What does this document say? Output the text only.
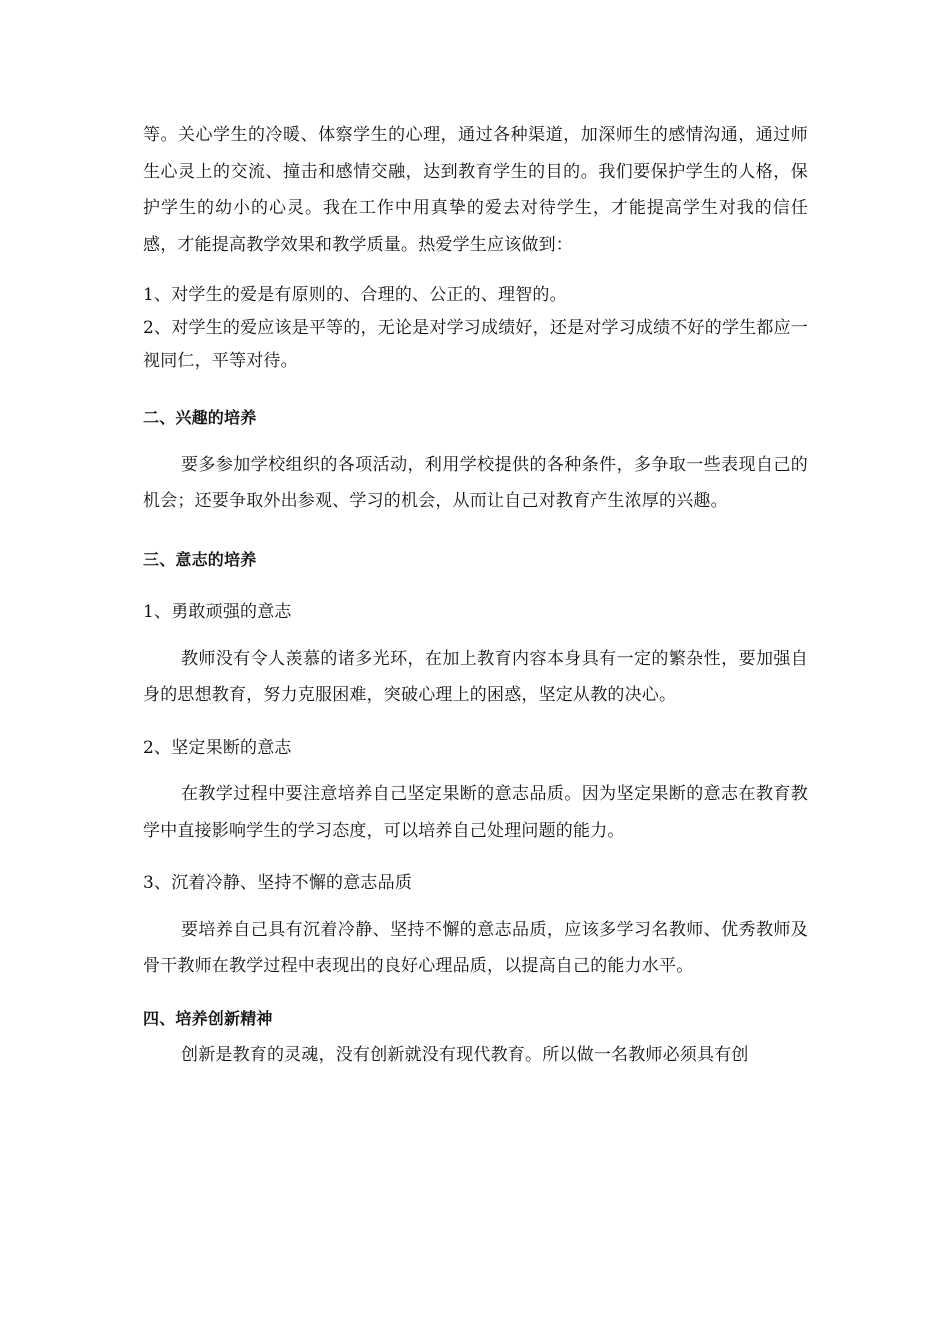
等。关心学生的冷暖、体察学生的心理，通过各种渠道，加深师生的感情沟通，通过师生心灵上的交流、撞击和感情交融，达到教育学生的目的。我们要保护学生的人格，保护学生的幼小的心灵。我在工作中用真挚的爱去对待学生，才能提高学生对我的信任感，才能提高教学效果和教学质量。热爱学生应该做到：

1、对学生的爱是有原则的、合理的、公正的、理智的。

2、对学生的爱应该是平等的，无论是对学习成绩好，还是对学习成绩不好的学生都应一视同仁，平等对待。

二、兴趣的培养

要多参加学校组织的各项活动，利用学校提供的各种条件，多争取一些表现自己的机会；还要争取外出参观、学习的机会，从而让自己对教育产生浓厚的兴趣。

三、意志的培养

1、勇敢顽强的意志

教师没有令人羡慕的诸多光环，在加上教育内容本身具有一定的繁杂性，要加强自身的思想教育，努力克服困难，突破心理上的困惑，坚定从教的决心。

2、坚定果断的意志

在教学过程中要注意培养自己坚定果断的意志品质。因为坚定果断的意志在教育教学中直接影响学生的学习态度，可以培养自己处理问题的能力。

3、沉着冷静、坚持不懈的意志品质

要培养自己具有沉着冷静、坚持不懈的意志品质，应该多学习名教师、优秀教师及骨干教师在教学过程中表现出的良好心理品质，以提高自己的能力水平。

四、培养创新精神

创新是教育的灵魂，没有创新就没有现代教育。所以做一名教师必须具有创
